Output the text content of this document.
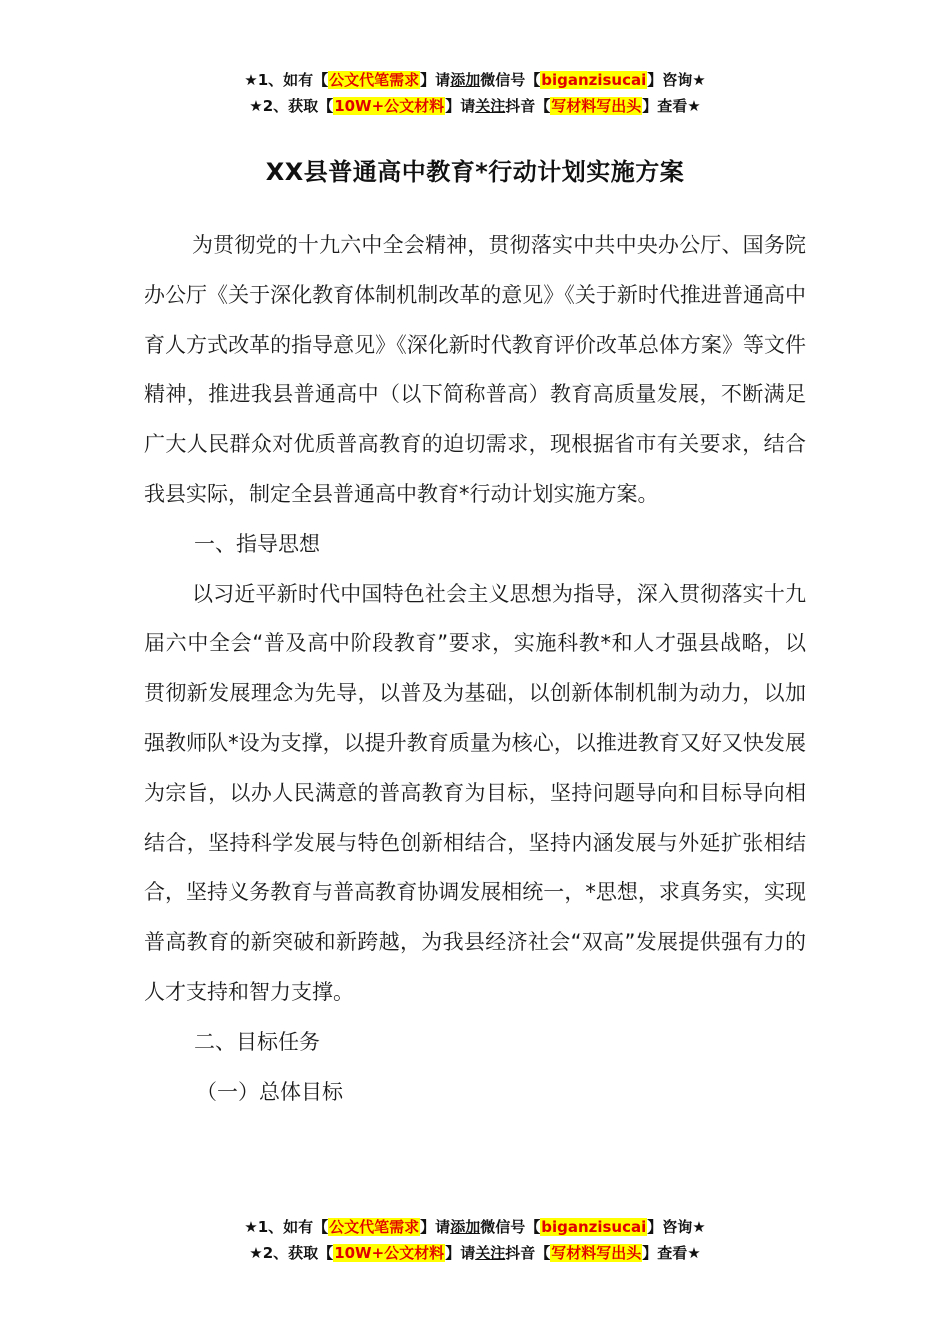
★1、如有【公文代笔需求】请添加微信号【biganzisucai】咨询★
★2、获取【10W+公文材料】请关注抖音【写材料写出头】查看★
XX县普通高中教育*行动计划实施方案

为贯彻党的十九六中全会精神，贯彻落实中共中央办公厅、国务院办公厅《关于深化教育体制机制改革的意见》《关于新时代推进普通高中育人方式改革的指导意见》《深化新时代教育评价改革总体方案》等文件精神，推进我县普通高中（以下简称普高）教育高质量发展，不断满足广大人民群众对优质普高教育的迫切需求，现根据省市有关要求，结合我县实际，制定全县普通高中教育*行动计划实施方案。

一、指导思想

以习近平新时代中国特色社会主义思想为指导，深入贯彻落实十九届六中全会“普及高中阶段教育”要求，实施科教*和人才强县战略，以贯彻新发展理念为先导，以普及为基础，以创新体制机制为动力，以加强教师队*设为支撑，以提升教育质量为核心，以推进教育又好又快发展为宗旨，以办人民满意的普高教育为目标，坚持问题导向和目标导向相结合，坚持科学发展与特色创新相结合，坚持内涵发展与外延扩张相结合，坚持义务教育与普高教育协调发展相统一，*思想，求真务实，实现普高教育的新突破和新跨越，为我县经济社会“双高”发展提供强有力的人才支持和智力支撑。

二、目标任务

（一）总体目标

★1、如有【公文代笔需求】请添加微信号【biganzisucai】咨询★
★2、获取【10W+公文材料】请关注抖音【写材料写出头】查看★
